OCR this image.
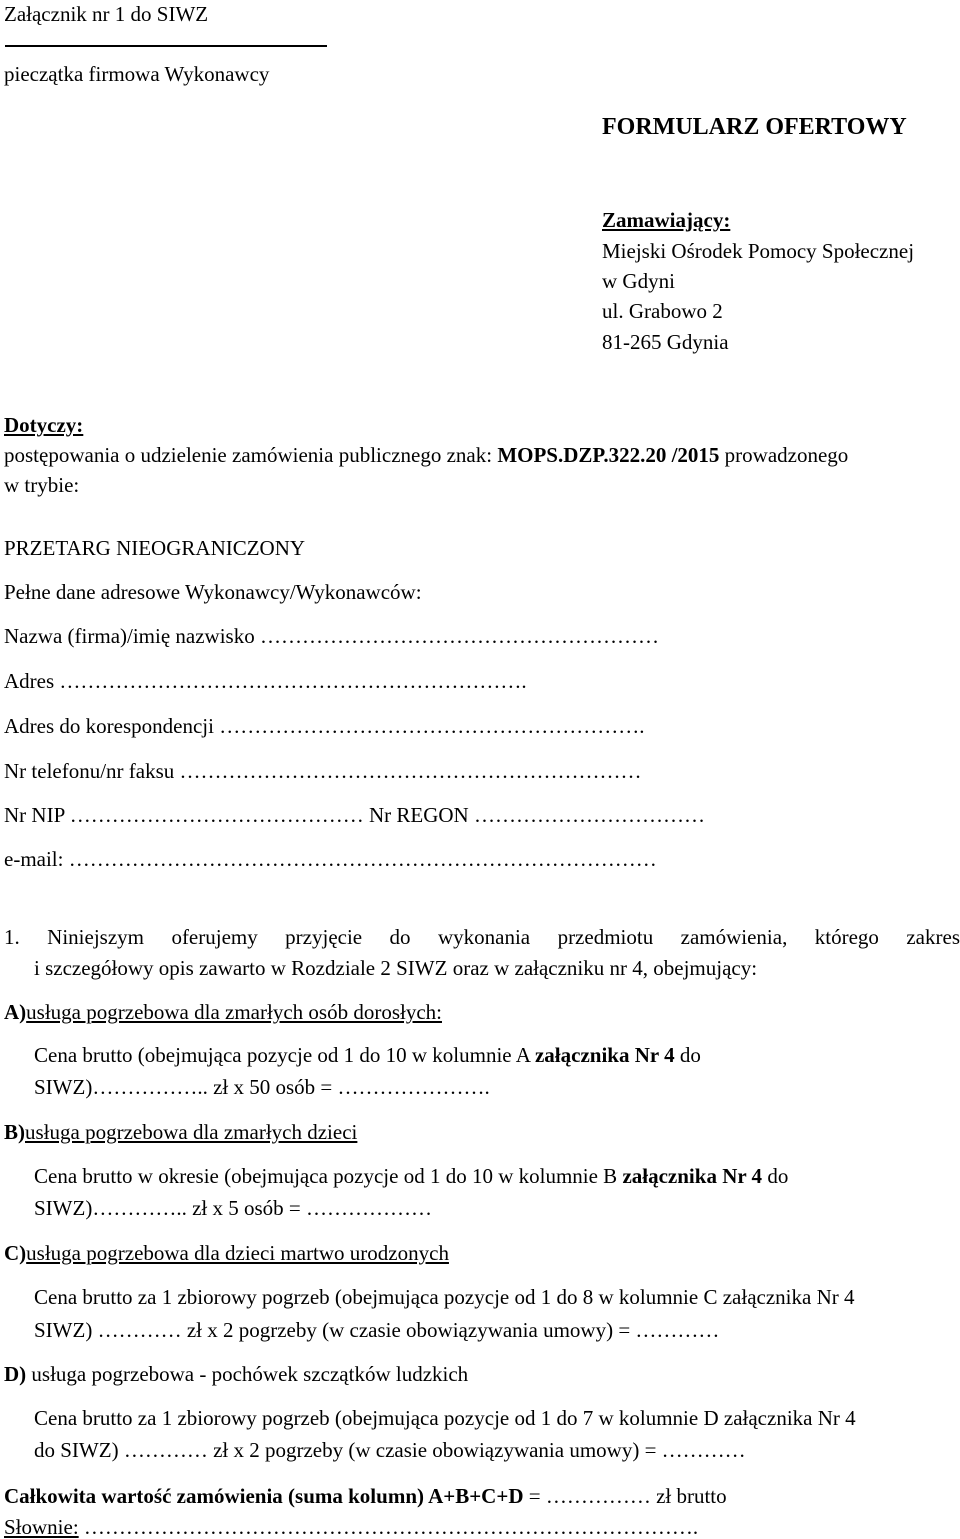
Załącznik nr 1 do SIWZ
pieczątka firmowa Wykonawcy
FORMULARZ OFERTOWY
Zamawiający:
Miejski Ośrodek Pomocy Społecznej
w Gdyni
ul. Grabowo 2
81-265 Gdynia
Dotyczy:
postępowania o udzielenie zamówienia publicznego znak: MOPS.DZP.322.20 /2015 prowadzonego
w trybie:
PRZETARG NIEOGRANICZONY
Pełne dane adresowe Wykonawcy/Wykonawców:
Nazwa (firma)/imię nazwisko …………………………………………………
Adres ………………………………………………………….
Adres do korespondencji …………………………………………………….
Nr telefonu/nr faksu …………………………………………………………
Nr NIP …………………………………… Nr REGON ……………………………
e-mail: …………………………………………………………………………
1. Niniejszym oferujemy przyjęcie do wykonania przedmiotu zamówienia, którego zakres
i szczegółowy opis zawarto w Rozdziale 2 SIWZ oraz w załączniku nr 4, obejmujący:
A)usługa pogrzebowa dla zmarłych osób dorosłych:
Cena brutto (obejmująca pozycje od 1 do 10 w kolumnie A załącznika Nr 4 do
SIWZ)…………….. zł x 50 osób = ………………….
B)usługa pogrzebowa dla zmarłych dzieci
Cena brutto w okresie (obejmująca pozycje od 1 do 10 w kolumnie B załącznika Nr 4 do
SIWZ)………….. zł x 5 osób = ………………
C)usługa pogrzebowa dla dzieci martwo urodzonych
Cena brutto za 1 zbiorowy pogrzeb (obejmująca pozycje od 1 do 8 w kolumnie C załącznika Nr 4
SIWZ) ………… zł x 2 pogrzeby (w czasie obowiązywania umowy) = …………
D) usługa pogrzebowa - pochówek szczątków ludzkich
Cena brutto za 1 zbiorowy pogrzeb (obejmująca pozycje od 1 do 7 w kolumnie D załącznika Nr 4
do SIWZ) ………… zł x 2 pogrzeby (w czasie obowiązywania umowy) = …………
Całkowita wartość zamówienia (suma kolumn) A+B+C+D = …………… zł brutto
Słownie: …………………………………………………………………………….
